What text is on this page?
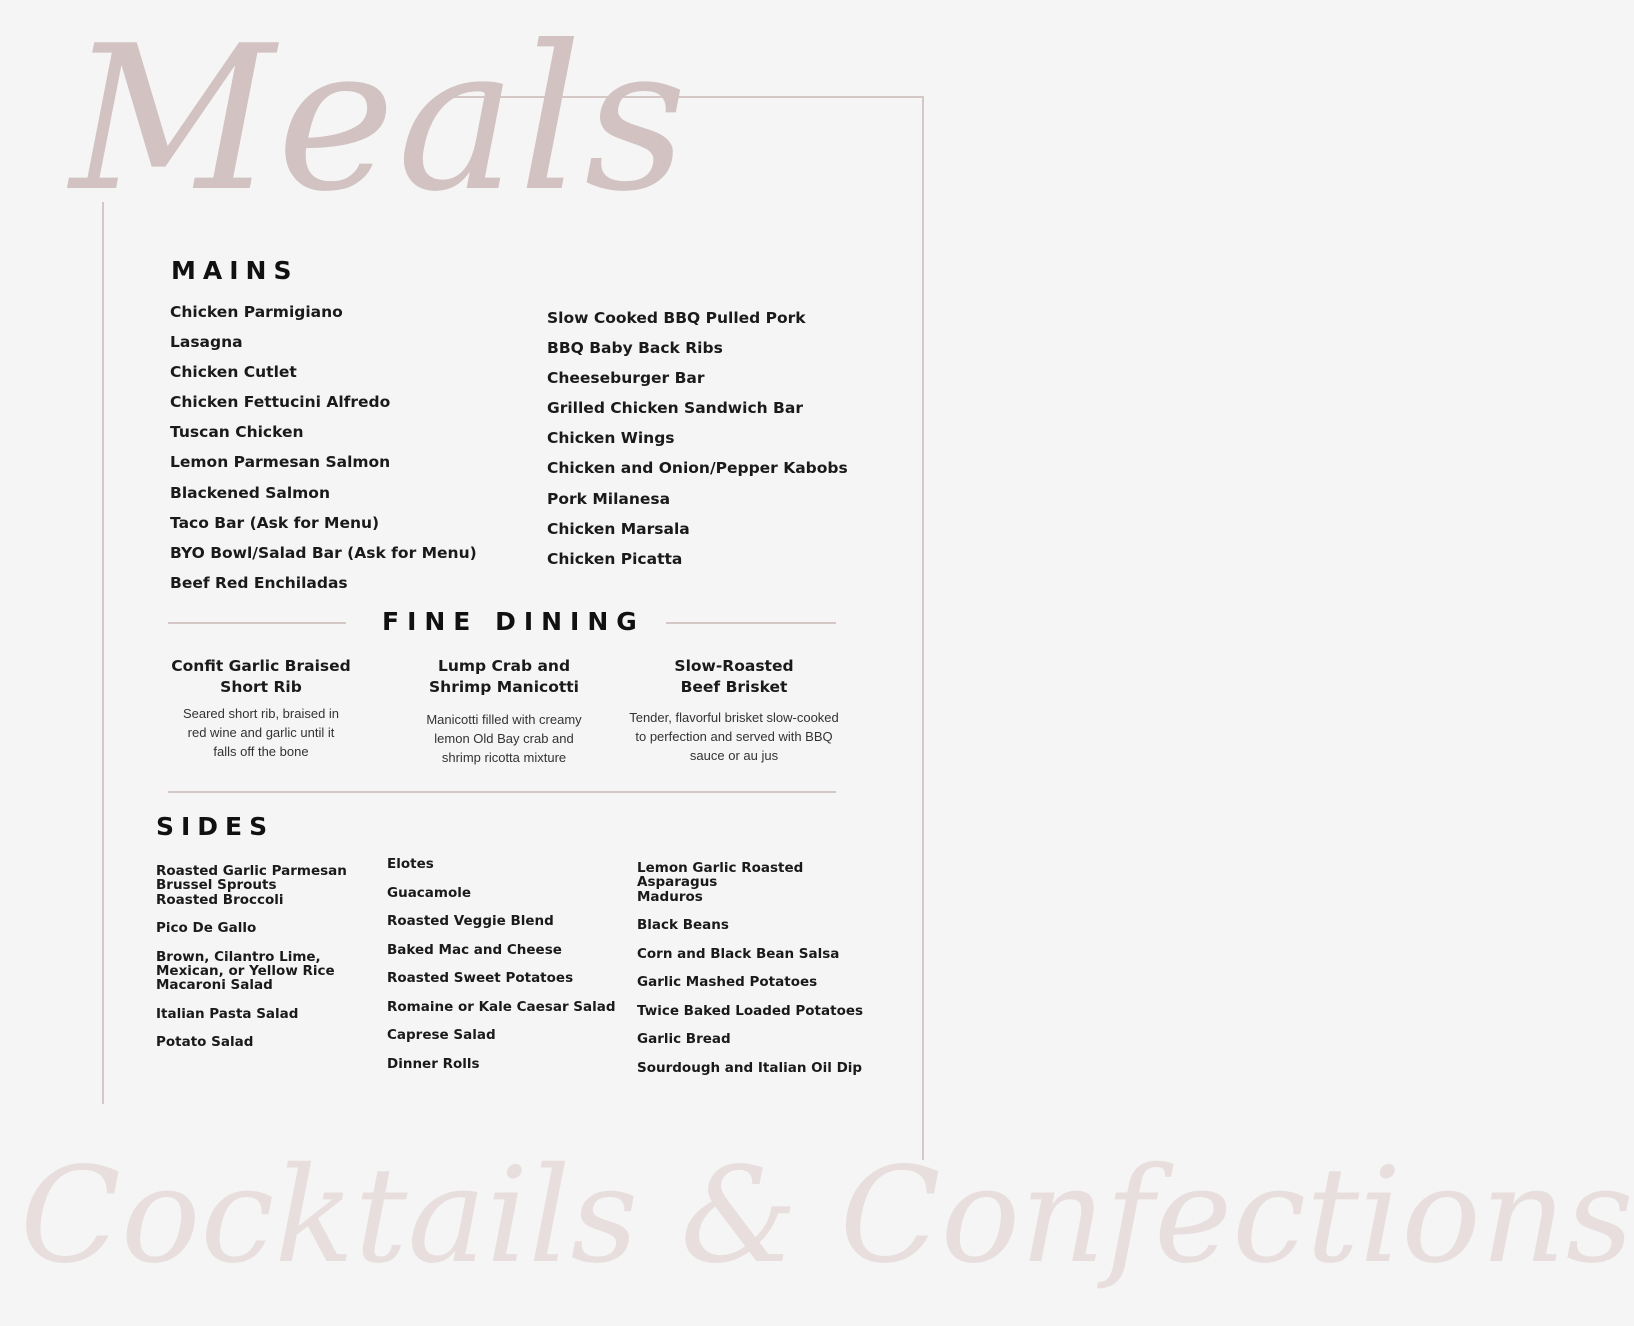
Meals
MAINS
Chicken Parmigiano
Lasagna
Chicken Cutlet
Chicken Fettucini Alfredo
Tuscan Chicken
Lemon Parmesan Salmon
Blackened Salmon
Taco Bar (Ask for Menu)
BYO Bowl/Salad Bar (Ask for Menu)
Beef Red Enchiladas
Slow Cooked BBQ Pulled Pork
BBQ Baby Back Ribs
Cheeseburger Bar
Grilled Chicken Sandwich Bar
Chicken Wings
Chicken and Onion/Pepper Kabobs
Pork Milanesa
Chicken Marsala
Chicken Picatta
FINE DINING
Confit Garlic Braised
Short Rib
Seared short rib, braised in red wine and garlic until it falls off the bone
Lump Crab and
Shrimp Manicotti
Manicotti filled with creamy lemon Old Bay crab and shrimp ricotta mixture
Slow-Roasted
Beef Brisket
Tender, flavorful brisket slow-cooked to perfection and served with BBQ sauce or au jus
SIDES
Roasted Garlic Parmesan Brussel Sprouts
Roasted Broccoli
Pico De Gallo
Brown, Cilantro Lime, Mexican, or Yellow Rice
Macaroni Salad
Italian Pasta Salad
Potato Salad
Elotes
Guacamole
Roasted Veggie Blend
Baked Mac and Cheese
Roasted Sweet Potatoes
Romaine or Kale Caesar Salad
Caprese Salad
Dinner Rolls
Lemon Garlic Roasted Asparagus
Maduros
Black Beans
Corn and Black Bean Salsa
Garlic Mashed Potatoes
Twice Baked Loaded Potatoes
Garlic Bread
Sourdough and Italian Oil Dip
Cocktails & Confections
